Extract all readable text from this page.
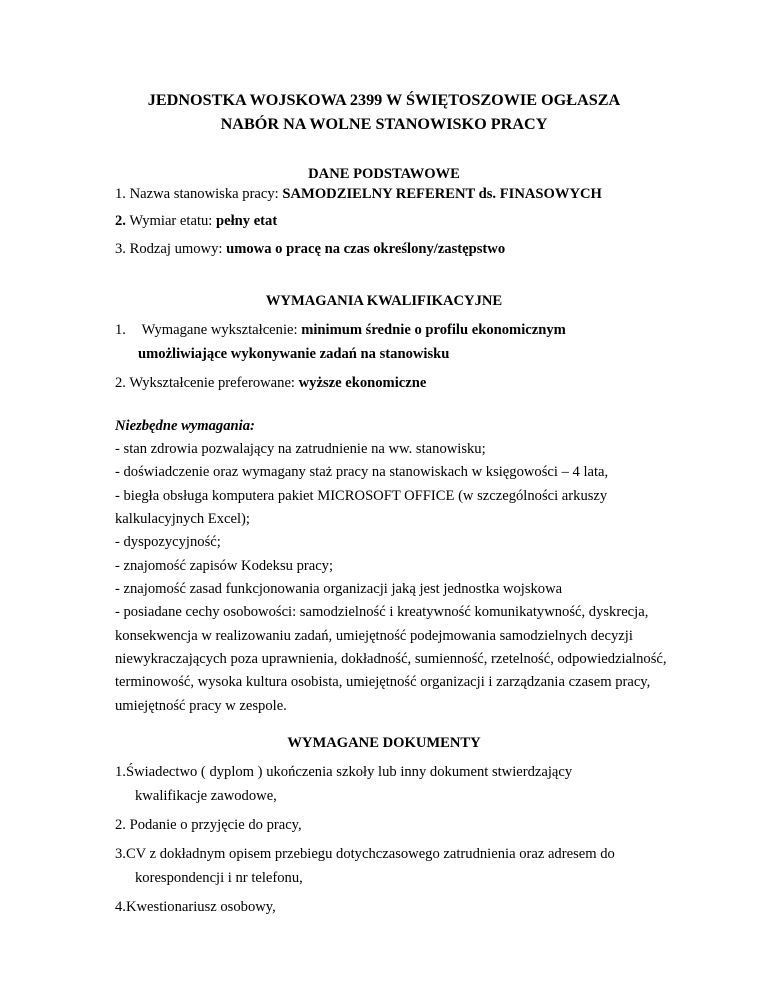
JEDNOSTKA WOJSKOWA 2399 W ŚWIĘTOSZOWIE OGŁASZA
NABÓR NA WOLNE STANOWISKO PRACY
DANE PODSTAWOWE
1. Nazwa stanowiska pracy: SAMODZIELNY REFERENT ds. FINASOWYCH
2. Wymiar etatu: pełny etat
3. Rodzaj umowy: umowa o pracę na czas określony/zastępstwo
WYMAGANIA KWALIFIKACYJNE
1. Wymagane wykształcenie: minimum średnie o profilu ekonomicznym
umożliwiające wykonywanie zadań na stanowisku
2. Wykształcenie preferowane: wyższe ekonomiczne
Niezbędne wymagania:
- stan zdrowia pozwalający na zatrudnienie na ww. stanowisku;
- doświadczenie oraz wymagany staż pracy na stanowiskach w księgowości – 4 lata,
- biegła obsługa komputera pakiet MICROSOFT OFFICE (w szczególności arkuszy
kalkulacyjnych Excel);
- dyspozycyjność;
- znajomość zapisów Kodeksu pracy;
- znajomość zasad funkcjonowania organizacji jaką jest jednostka wojskowa
- posiadane cechy osobowości: samodzielność i kreatywność komunikatywność, dyskrecja,
konsekwencja w realizowaniu zadań, umiejętność podejmowania samodzielnych decyzji
niewykraczających poza uprawnienia, dokładność, sumienność, rzetelność, odpowiedzialność,
terminowość, wysoka kultura osobista, umiejętność organizacji i zarządzania czasem pracy,
umiejętność pracy w zespole.
WYMAGANE DOKUMENTY
1.Świadectwo ( dyplom ) ukończenia szkoły lub inny dokument stwierdzający
kwalifikacje zawodowe,
2. Podanie o przyjęcie do pracy,
3.CV z dokładnym opisem przebiegu dotychczasowego zatrudnienia oraz adresem do
korespondencji i nr telefonu,
4.Kwestionariusz osobowy,
